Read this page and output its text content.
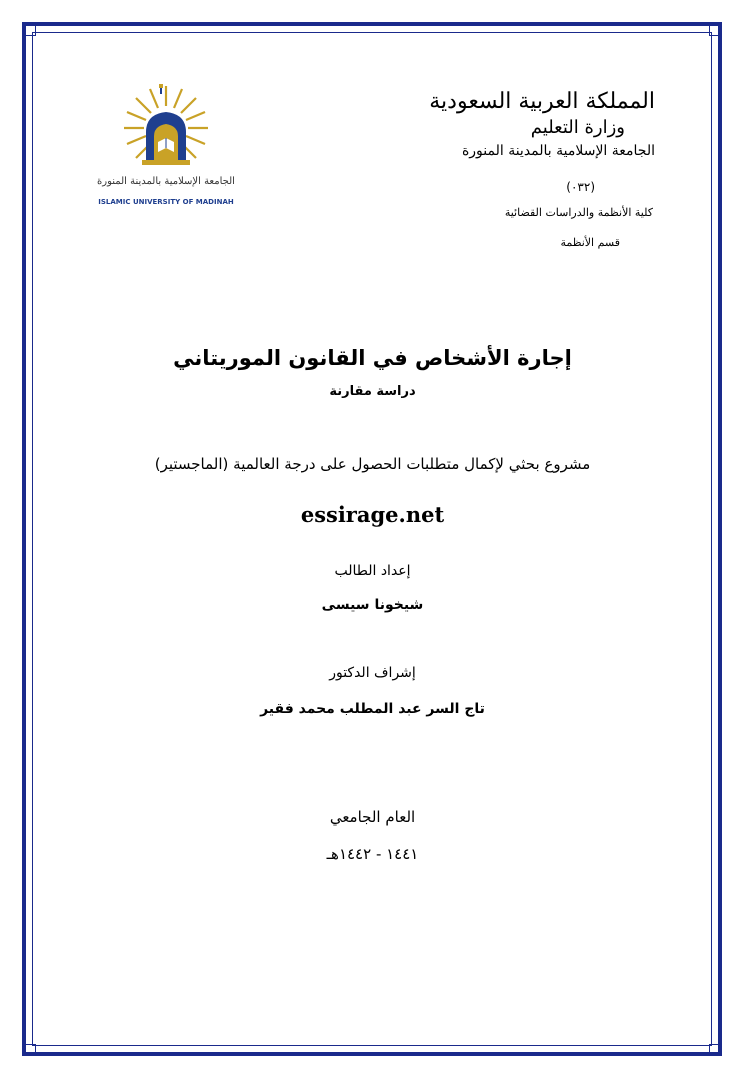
المملكة العربية السعودية
وزارة التعليم
الجامعة الإسلامية بالمدينة المنورة
(٠٣٢)
كلية الأنظمة والدراسات القضائية
قسم الأنظمة
الجامعة الإسلامية بالمدينة المنورة
ISLAMIC UNIVERSITY OF MADINAH
إجارة الأشخاص في القانون الموريتاني
دراسة مقارنة
مشروع بحثي لإكمال متطلبات الحصول على درجة العالمية (الماجستير)
essirage.net
إعداد الطالب
شيخونا سيسى
إشراف الدكتور
تاج السر عبد المطلب محمد فقير
العام الجامعي
١٤٤١ - ١٤٤٢هـ
